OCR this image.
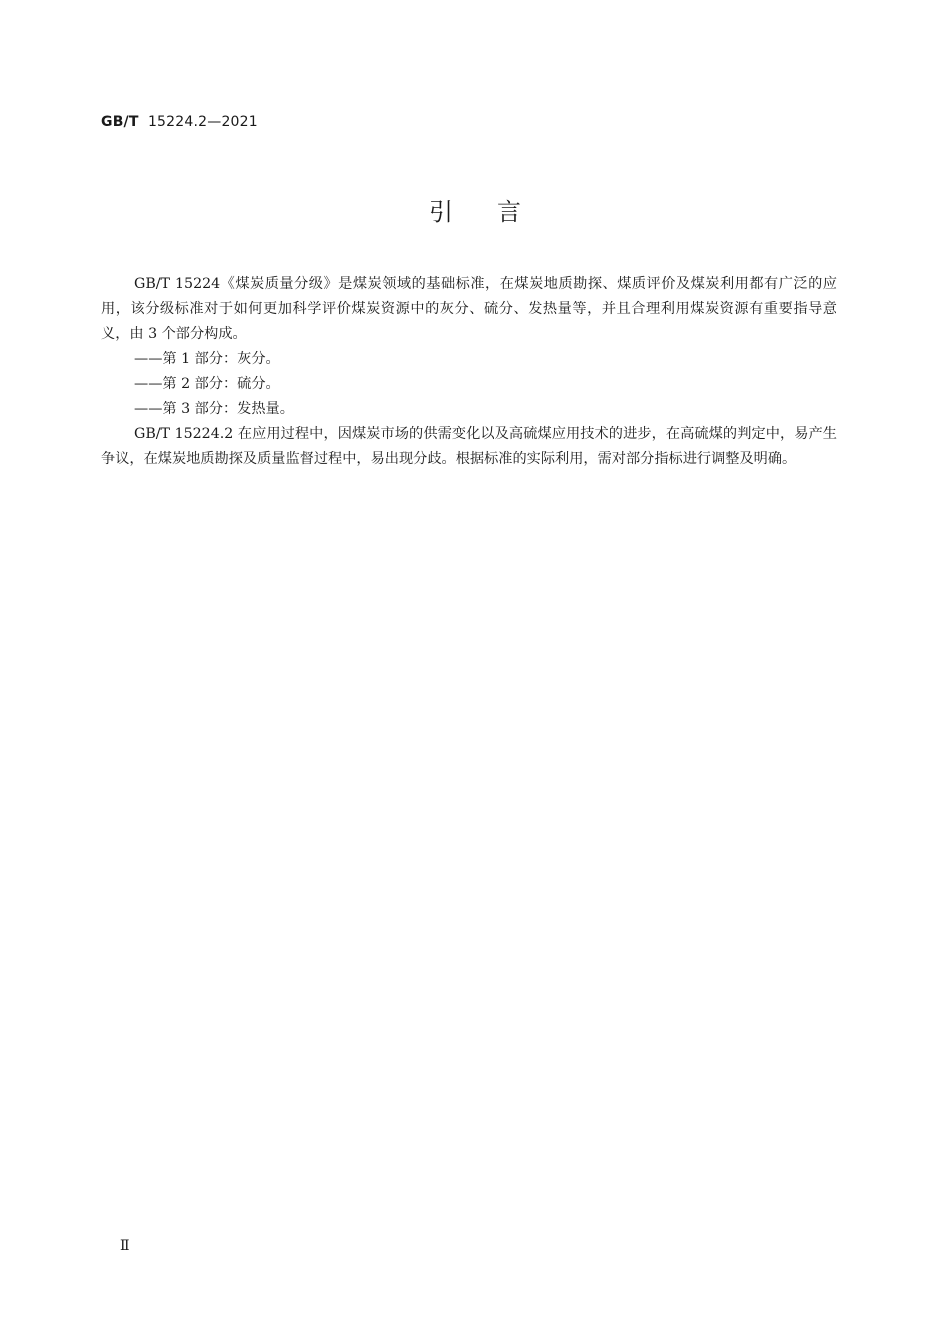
GB/T 15224.2—2021
引言

GB/T 15224《煤炭质量分级》是煤炭领域的基础标准，在煤炭地质勘探、煤质评价及煤炭利用都有广泛的应用，该分级标准对于如何更加科学评价煤炭资源中的灰分、硫分、发热量等，并且合理利用煤炭资源有重要指导意义，由 3 个部分构成。

——第 1 部分：灰分。

——第 2 部分：硫分。

——第 3 部分：发热量。

GB/T 15224.2 在应用过程中，因煤炭市场的供需变化以及高硫煤应用技术的进步，在高硫煤的判定中，易产生争议，在煤炭地质勘探及质量监督过程中，易出现分歧。根据标准的实际利用，需对部分指标进行调整及明确。

Ⅱ
